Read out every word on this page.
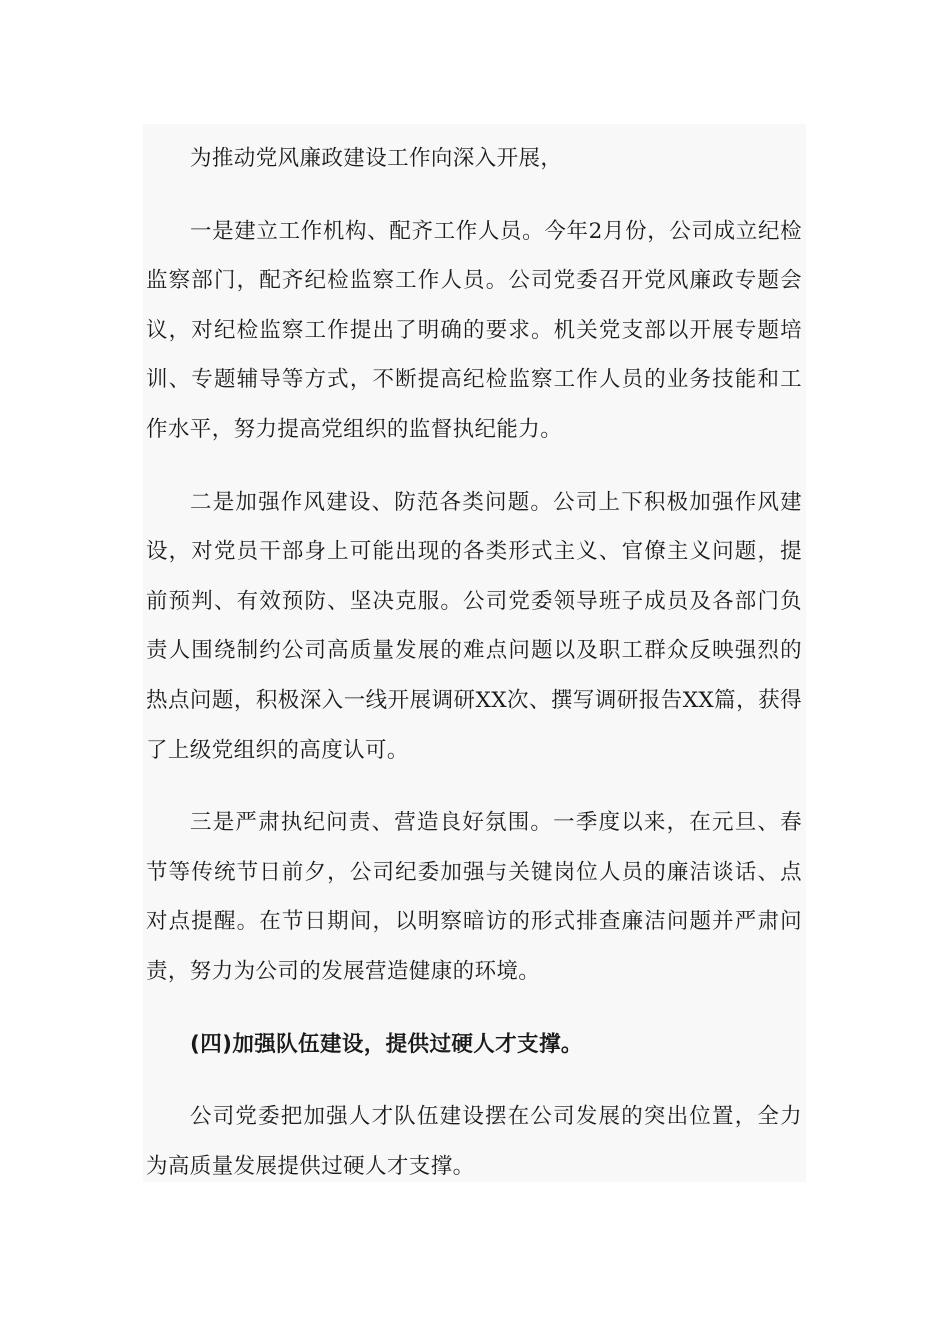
为推动党风廉政建设工作向深入开展，

一是建立工作机构、配齐工作人员。今年2月份，公司成立纪检监察部门，配齐纪检监察工作人员。公司党委召开党风廉政专题会议，对纪检监察工作提出了明确的要求。机关党支部以开展专题培训、专题辅导等方式，不断提高纪检监察工作人员的业务技能和工作水平，努力提高党组织的监督执纪能力。

二是加强作风建设、防范各类问题。公司上下积极加强作风建设，对党员干部身上可能出现的各类形式主义、官僚主义问题，提前预判、有效预防、坚决克服。公司党委领导班子成员及各部门负责人围绕制约公司高质量发展的难点问题以及职工群众反映强烈的热点问题，积极深入一线开展调研XX次、撰写调研报告XX篇，获得了上级党组织的高度认可。

三是严肃执纪问责、营造良好氛围。一季度以来，在元旦、春节等传统节日前夕，公司纪委加强与关键岗位人员的廉洁谈话、点对点提醒。在节日期间，以明察暗访的形式排查廉洁问题并严肃问责，努力为公司的发展营造健康的环境。

(四)加强队伍建设，提供过硬人才支撑。

公司党委把加强人才队伍建设摆在公司发展的突出位置，全力为高质量发展提供过硬人才支撑。
